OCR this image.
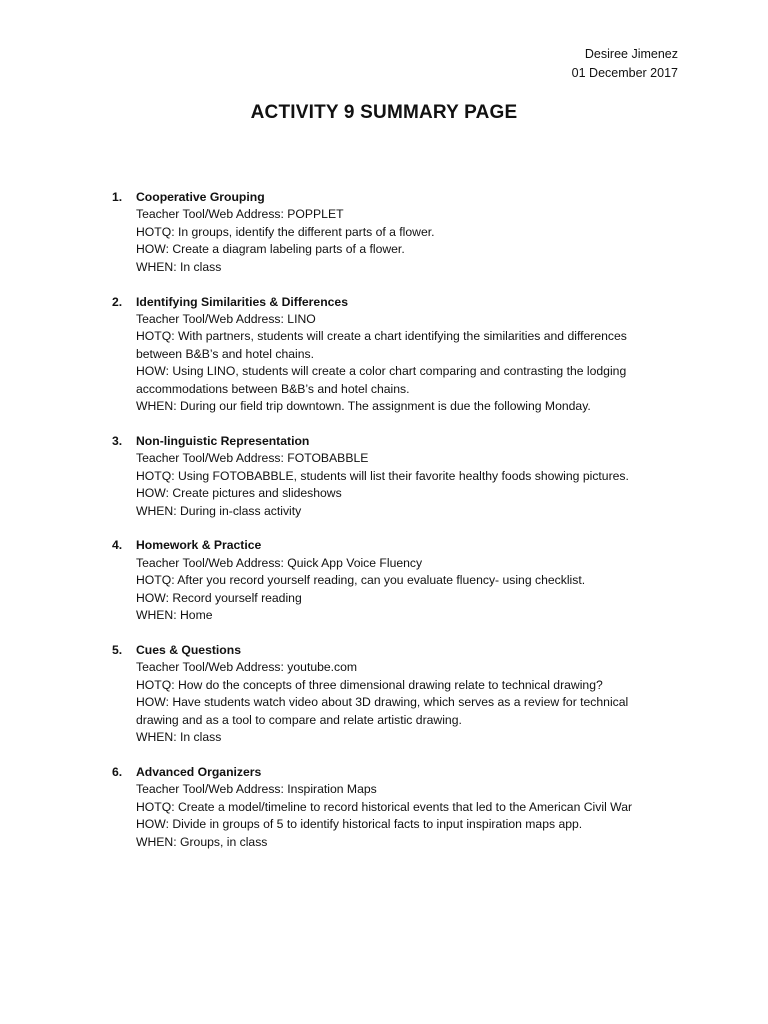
Desiree Jimenez
01 December 2017
ACTIVITY 9 SUMMARY PAGE
1. Cooperative Grouping
Teacher Tool/Web Address: POPPLET
HOTQ: In groups, identify the different parts of a flower.
HOW: Create a diagram labeling parts of a flower.
WHEN: In class
2. Identifying Similarities & Differences
Teacher Tool/Web Address: LINO
HOTQ: With partners, students will create a chart identifying the similarities and differences between B&B’s and hotel chains.
HOW: Using LINO, students will create a color chart comparing and contrasting the lodging accommodations between B&B’s and hotel chains.
WHEN: During our field trip downtown. The assignment is due the following Monday.
3. Non-linguistic Representation
Teacher Tool/Web Address: FOTOBABBLE
HOTQ: Using FOTOBABBLE, students will list their favorite healthy foods showing pictures.
HOW: Create pictures and slideshows
WHEN: During in-class activity
4. Homework & Practice
Teacher Tool/Web Address: Quick App Voice Fluency
HOTQ: After you record yourself reading, can you evaluate fluency- using checklist.
HOW: Record yourself reading
WHEN: Home
5. Cues & Questions
Teacher Tool/Web Address: youtube.com
HOTQ: How do the concepts of three dimensional drawing relate to technical drawing?
HOW: Have students watch video about 3D drawing, which serves as a review for technical drawing and as a tool to compare and relate artistic drawing.
WHEN: In class
6. Advanced Organizers
Teacher Tool/Web Address: Inspiration Maps
HOTQ: Create a model/timeline to record historical events that led to the American Civil War
HOW: Divide in groups of 5 to identify historical facts to input inspiration maps app.
WHEN: Groups, in class
